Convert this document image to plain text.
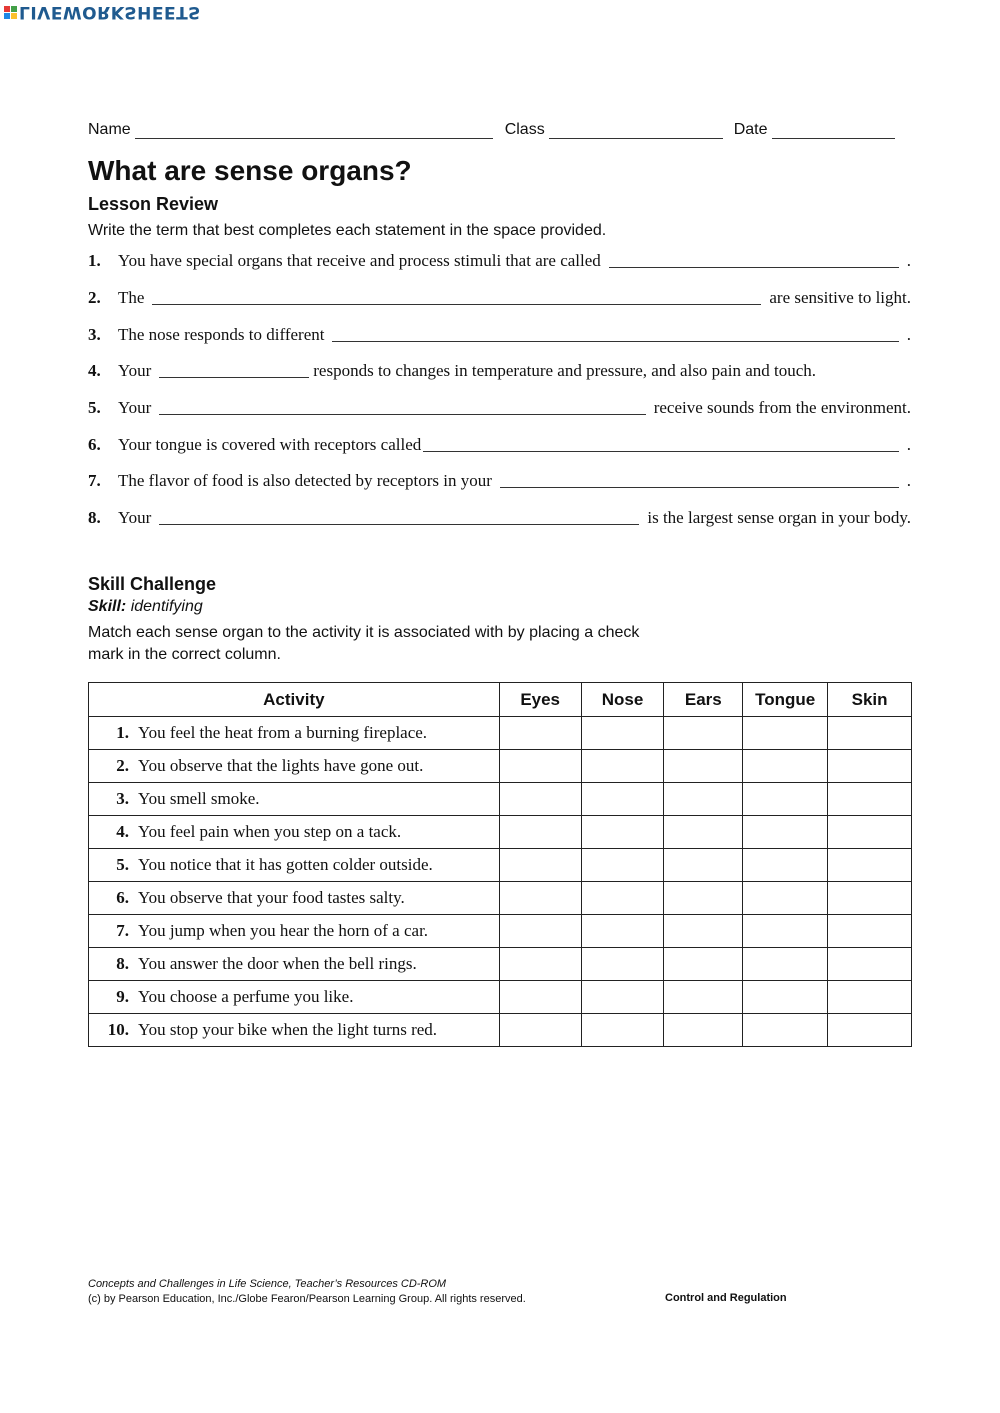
LIVEWORKSHEETS
Name	Class	Date
What are sense organs?
Lesson Review

Write the term that best completes each statement in the space provided.

1.	You have special organs that receive and process stimuli that are called	.
2.	The	are sensitive to light.
3.	The nose responds to different	.
4.	Your	responds to changes in temperature and pressure, and also pain and touch.
5.	Your	receive sounds from the environment.
6.	Your tongue is covered with receptors called	.
7.	The flavor of food is also detected by receptors in your	.
8.	Your	is the largest sense organ in your body.
Skill Challenge
Skill: identifying

Match each sense organ to the activity it is associated with by placing a check

mark in the correct column.

Activity	Eyes	Nose	Ears	Tongue	Skin
1. You feel the heat from a burning fireplace.					
2. You observe that the lights have gone out.					
3. You smell smoke.					
4. You feel pain when you step on a tack.					
5. You notice that it has gotten colder outside.					
6. You observe that your food tastes salty.					
7. You jump when you hear the horn of a car.					
8. You answer the door when the bell rings.					
9. You choose a perfume you like.					
10. You stop your bike when the light turns red.					
Concepts and Challenges in Life Science, Teacher’s Resources CD-ROM
(c) by Pearson Education, Inc./Globe Fearon/Pearson Learning Group. All rights reserved.	Control and Regulation
